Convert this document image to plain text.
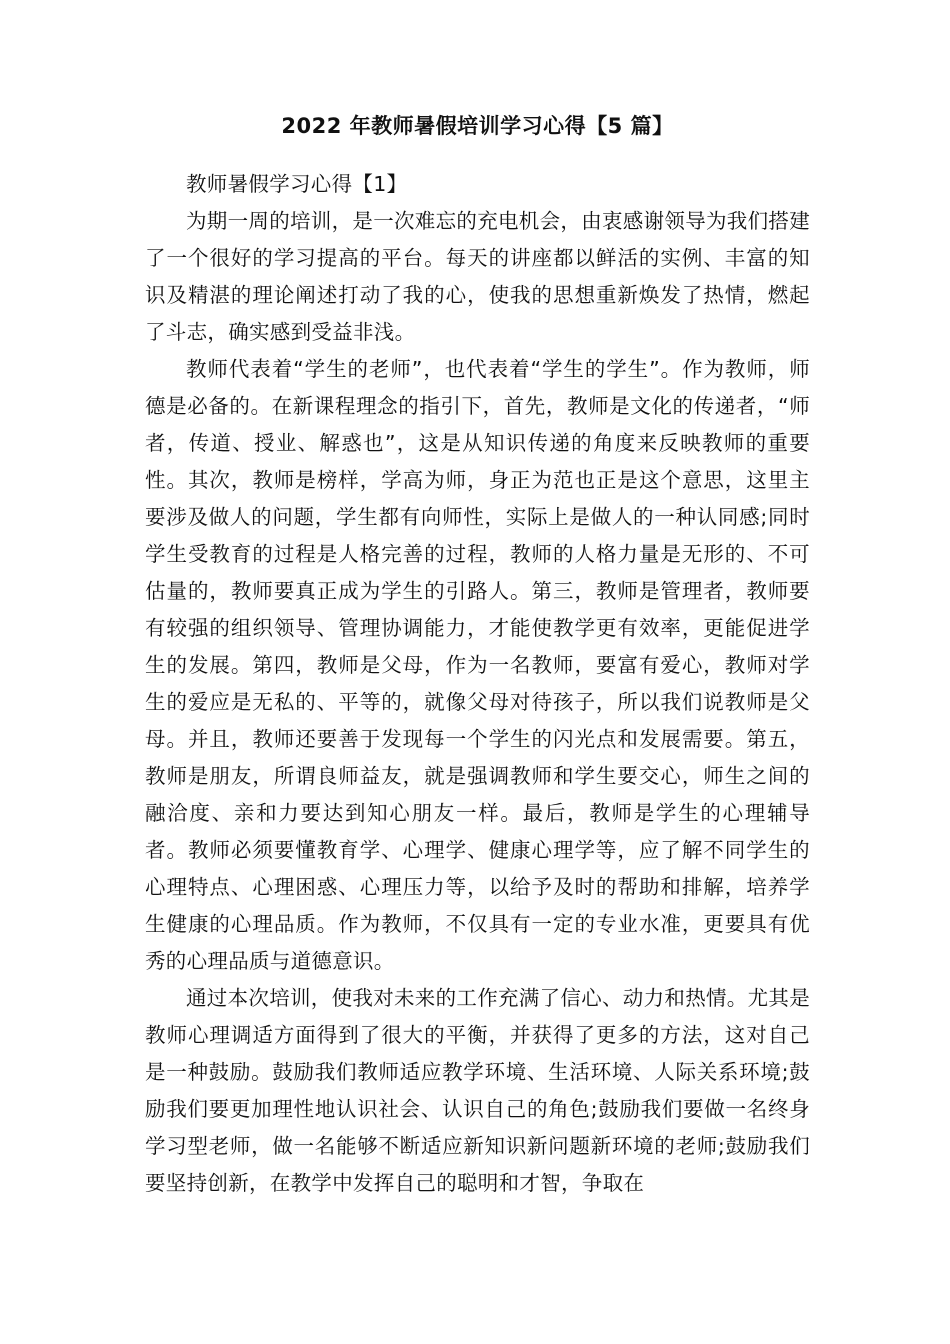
2022 年教师暑假培训学习心得【5 篇】

教师暑假学习心得【1】

为期一周的培训，是一次难忘的充电机会，由衷感谢领导为我们搭建了一个很好的学习提高的平台。每天的讲座都以鲜活的实例、丰富的知识及精湛的理论阐述打动了我的心，使我的思想重新焕发了热情，燃起了斗志，确实感到受益非浅。

教师代表着“学生的老师”，也代表着“学生的学生”。作为教师，师德是必备的。在新课程理念的指引下，首先，教师是文化的传递者，“师者，传道、授业、解惑也”，这是从知识传递的角度来反映教师的重要性。其次，教师是榜样，学高为师，身正为范也正是这个意思，这里主要涉及做人的问题，学生都有向师性，实际上是做人的一种认同感;同时学生受教育的过程是人格完善的过程，教师的人格力量是无形的、不可估量的，教师要真正成为学生的引路人。第三，教师是管理者，教师要有较强的组织领导、管理协调能力，才能使教学更有效率，更能促进学生的发展。第四，教师是父母，作为一名教师，要富有爱心，教师对学生的爱应是无私的、平等的，就像父母对待孩子，所以我们说教师是父母。并且，教师还要善于发现每一个学生的闪光点和发展需要。第五，教师是朋友，所谓良师益友，就是强调教师和学生要交心，师生之间的融洽度、亲和力要达到知心朋友一样。最后，教师是学生的心理辅导者。教师必须要懂教育学、心理学、健康心理学等，应了解不同学生的心理特点、心理困惑、心理压力等，以给予及时的帮助和排解，培养学生健康的心理品质。作为教师，不仅具有一定的专业水准，更要具有优秀的心理品质与道德意识。

通过本次培训，使我对未来的工作充满了信心、动力和热情。尤其是教师心理调适方面得到了很大的平衡，并获得了更多的方法，这对自己是一种鼓励。鼓励我们教师适应教学环境、生活环境、人际关系环境;鼓励我们要更加理性地认识社会、认识自己的角色;鼓励我们要做一名终身学习型老师，做一名能够不断适应新知识新问题新环境的老师;鼓励我们要坚持创新，在教学中发挥自己的聪明和才智，争取在
